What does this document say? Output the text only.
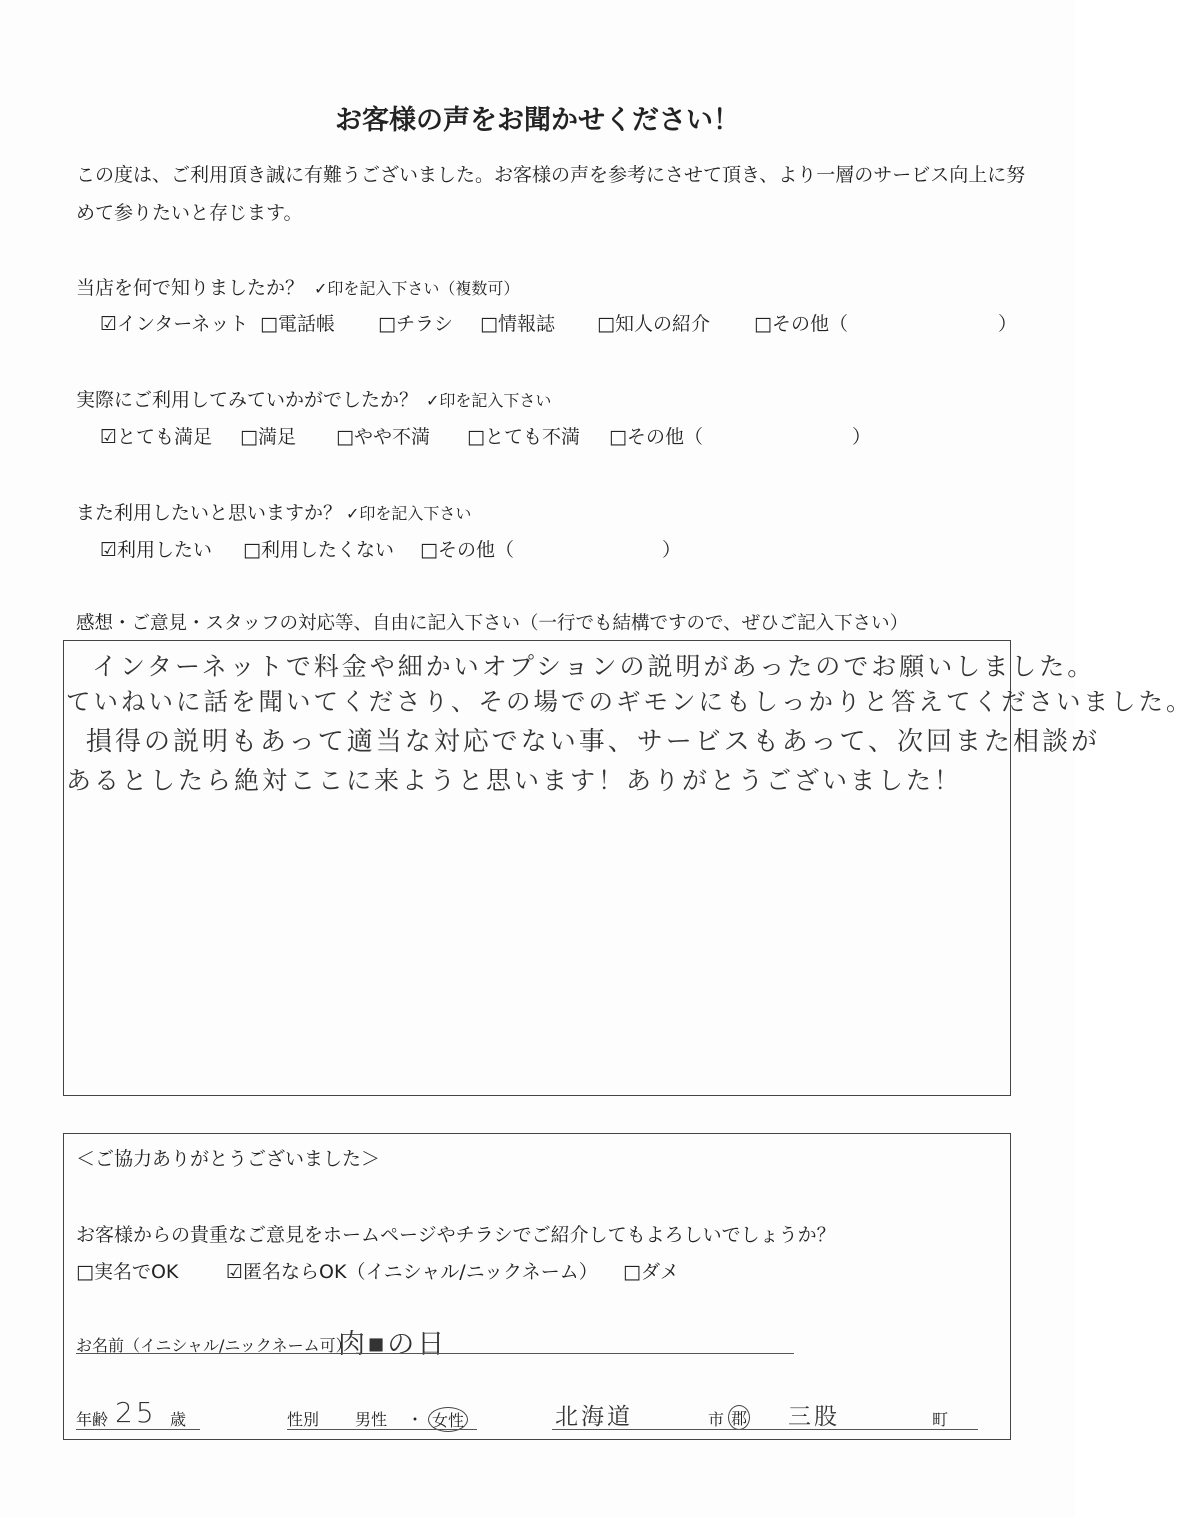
お客様の声をお聞かせください！
この度は、ご利用頂き誠に有難うございました。お客様の声を参考にさせて頂き、より一層のサービス向上に努
めて参りたいと存じます。
当店を何で知りましたか？ ✓印を記入下さい（複数可）
☑インターネット □電話帳 □チラシ □情報誌 □知人の紹介 □その他（	）
実際にご利用してみていかがでしたか？ ✓印を記入下さい
☑とても満足 □満足 □やや不満 □とても不満 □その他（	）
また利用したいと思いますか？ ✓印を記入下さい
☑利用したい □利用したくない □その他（	）
感想・ご意見・スタッフの対応等、自由に記入下さい（一行でも結構ですので、ぜひご記入下さい）
インターネットで料金や細かいオプションの説明があったのでお願いしました。
ていねいに話を聞いてくださり、その場でのギモンにもしっかりと答えてくださいました。
損得の説明もあって適当な対応でない事、サービスもあって、次回また相談が
あるとしたら絶対ここに来ようと思います！ありがとうございました！
＜ご協力ありがとうございました＞
お客様からの貴重なご意見をホームページやチラシでご紹介してもよろしいでしょうか？
□実名でOK	☑匿名ならOK（イニシャル/ニックネーム） □ダメ
お名前（イニシャル/ニックネーム可）
肉■の日
年齢 25 歳	性別 男性 ・ 女性	北海道	市 郡 三股	町
